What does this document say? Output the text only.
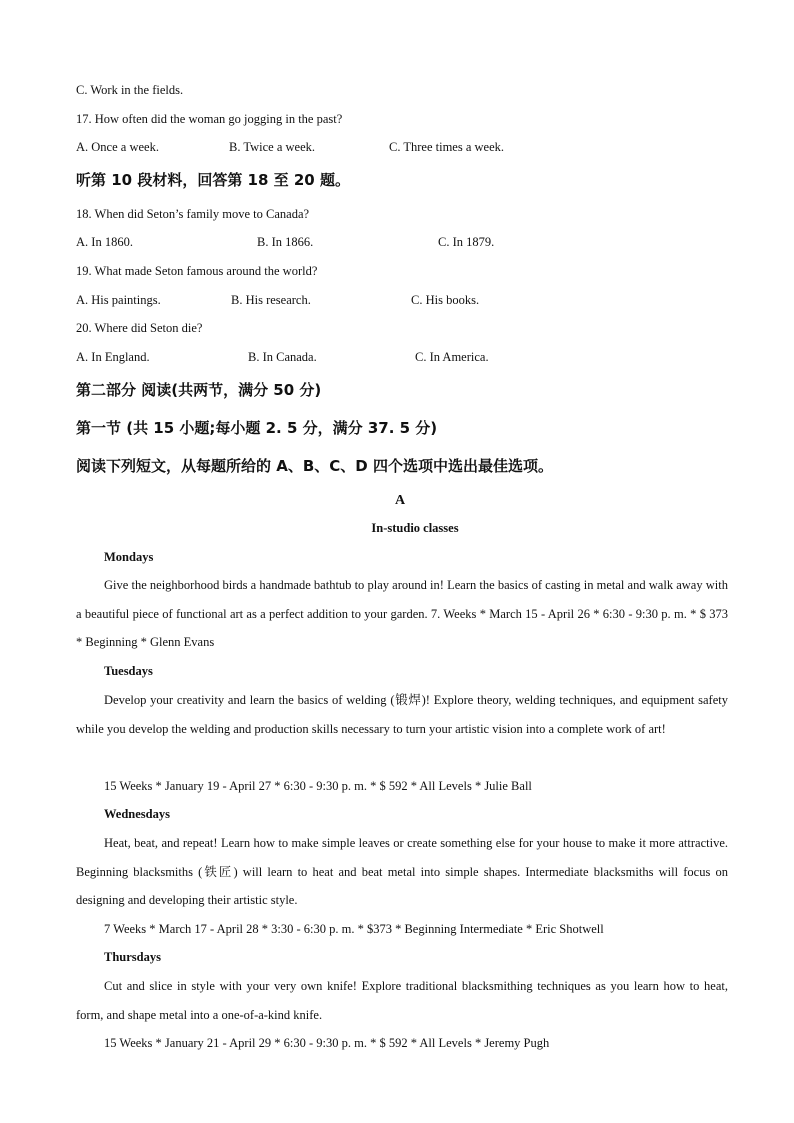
C. Work in the fields.
17. How often did the woman go jogging in the past?
A. Once a week.	B. Twice a week.	C. Three times a week.
听第 10 段材料，回答第 18 至 20 题。
18. When did Seton’s family move to Canada?
A. In 1860.	B. In 1866.	C. In 1879.
19. What made Seton famous around the world?
A. His paintings.	B. His research.	C. His books.
20. Where did Seton die?
A. In England.	B. In Canada.	C. In America.
第二部分 阅读(共两节，满分 50 分)
第一节 (共 15 小题;每小题 2. 5 分，满分 37. 5 分)
阅读下列短文，从每题所给的 A、B、C、D 四个选项中选出最佳选项。
A
In-studio classes
Mondays
Give the neighborhood birds a handmade bathtub to play around in! Learn the basics of casting in metal and walk away with a beautiful piece of functional art as a perfect addition to your garden. 7. Weeks * March 15 - April 26 * 6:30 - 9:30 p. m. * $ 373 * Beginning * Glenn Evans
Tuesdays
Develop your creativity and learn the basics of welding (锻焊)! Explore theory, welding techniques, and equipment safety while you develop the welding and production skills necessary to turn your artistic vision into a complete work of art!
15 Weeks * January 19 - April 27 * 6:30 - 9:30 p. m. * $ 592 * All Levels * Julie Ball
Wednesdays
Heat, beat, and repeat! Learn how to make simple leaves or create something else for your house to make it more attractive. Beginning blacksmiths (铁匠) will learn to heat and beat metal into simple shapes. Intermediate blacksmiths will focus on designing and developing their artistic style.
7 Weeks * March 17 - April 28 * 3:30 - 6:30 p. m. * $373 * Beginning Intermediate * Eric Shotwell
Thursdays
Cut and slice in style with your very own knife! Explore traditional blacksmithing techniques as you learn how to heat, form, and shape metal into a one-of-a-kind knife.
15 Weeks * January 21 - April 29 * 6:30 - 9:30 p. m. * $ 592 * All Levels * Jeremy Pugh
